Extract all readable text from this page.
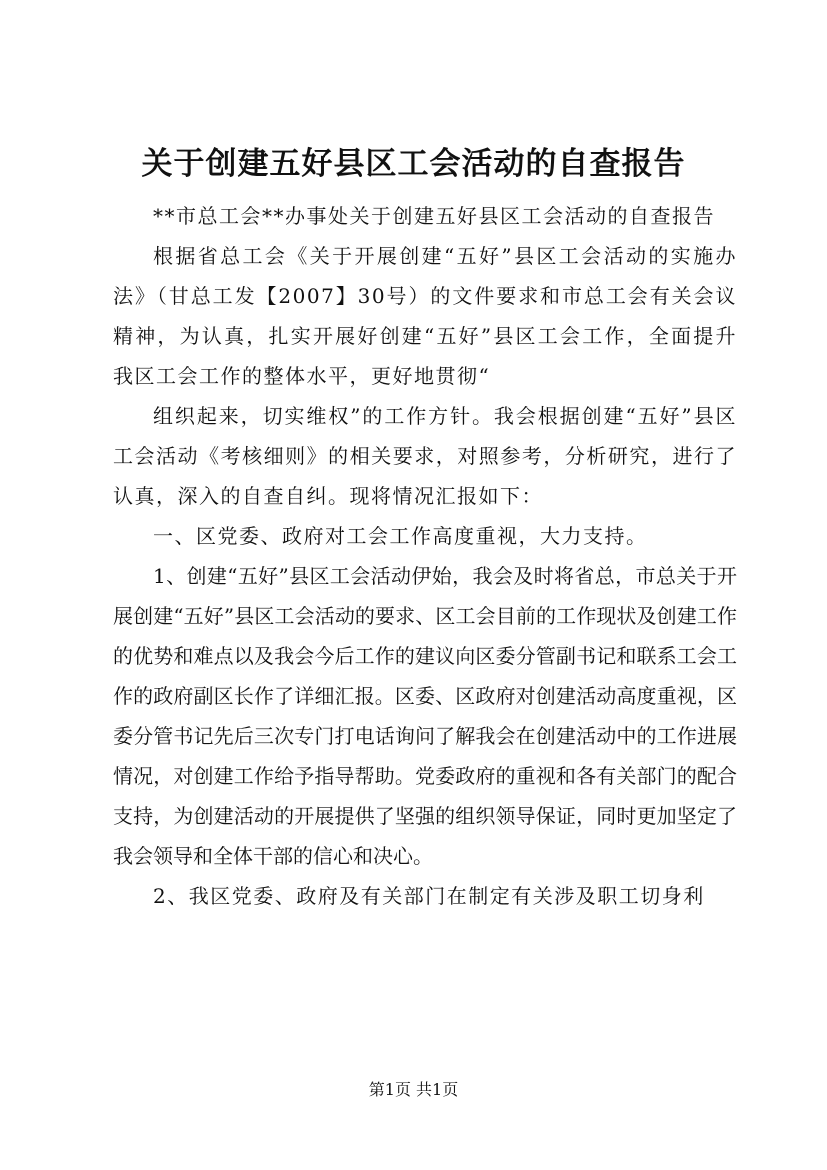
关于创建五好县区工会活动的自查报告

**市总工会**办事处关于创建五好县区工会活动的自查报告

根据省总工会《关于开展创建“五好”县区工会活动的实施办法》（甘总工发【2007】30号）的文件要求和市总工会有关会议精神，为认真，扎实开展好创建“五好”县区工会工作，全面提升我区工会工作的整体水平，更好地贯彻“

组织起来，切实维权”的工作方针。我会根据创建“五好”县区工会活动《考核细则》的相关要求，对照参考，分析研究，进行了认真，深入的自查自纠。现将情况汇报如下：

一、区党委、政府对工会工作高度重视，大力支持。

1、创建“五好”县区工会活动伊始，我会及时将省总，市总关于开展创建“五好”县区工会活动的要求、区工会目前的工作现状及创建工作的优势和难点以及我会今后工作的建议向区委分管副书记和联系工会工作的政府副区长作了详细汇报。区委、区政府对创建活动高度重视，区委分管书记先后三次专门打电话询问了解我会在创建活动中的工作进展情况，对创建工作给予指导帮助。党委政府的重视和各有关部门的配合支持，为创建活动的开展提供了坚强的组织领导保证，同时更加坚定了我会领导和全体干部的信心和决心。

2、我区党委、政府及有关部门在制定有关涉及职工切身利

第1页 共1页
